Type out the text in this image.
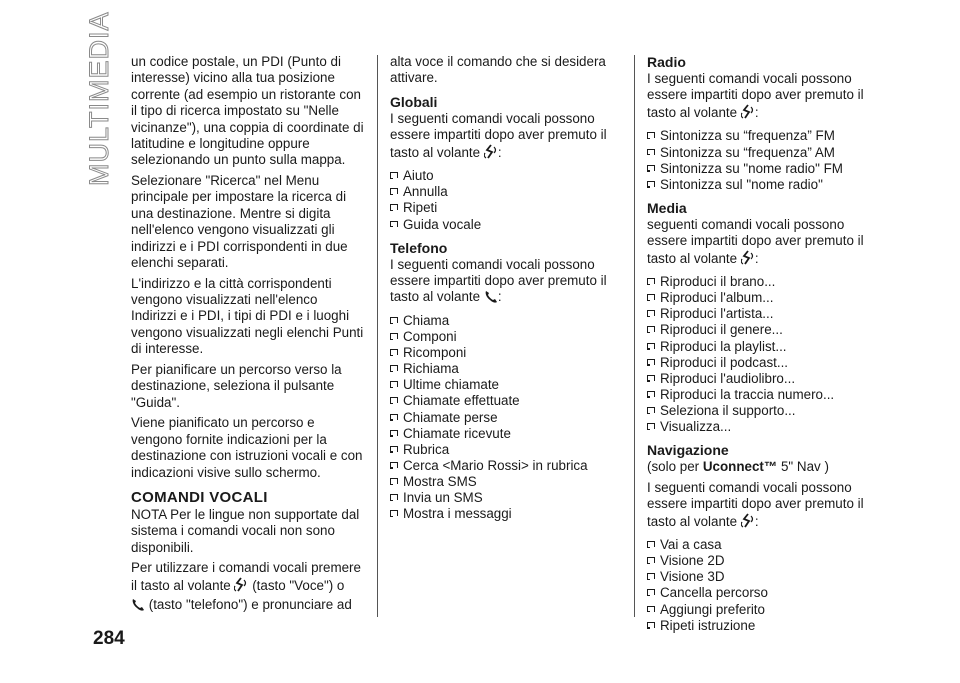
MULTIMEDIA
284

un codice postale, un PDI (Punto di interesse) vicino alla tua posizione corrente (ad esempio un ristorante con il tipo di ricerca impostato su "Nelle vicinanze"), una coppia di coordinate di latitudine e longitudine oppure selezionando un punto sulla mappa.

Selezionare "Ricerca" nel Menu principale per impostare la ricerca di una destinazione. Mentre si digita nell'elenco vengono visualizzati gli indirizzi e i PDI corrispondenti in due elenchi separati.

L'indirizzo e la città corrispondenti vengono visualizzati nell'elenco Indirizzi e i PDI, i tipi di PDI e i luoghi vengono visualizzati negli elenchi Punti di interesse.

Per pianificare un percorso verso la destinazione, seleziona il pulsante "Guida".

Viene pianificato un percorso e vengono fornite indicazioni per la destinazione con istruzioni vocali e con indicazioni visive sullo schermo.

COMANDI VOCALI

NOTA Per le lingue non supportate dal sistema i comandi vocali non sono disponibili.

Per utilizzare i comandi vocali premere il tasto al volante (tasto "Voce") o
(tasto "telefono") e pronunciare ad

alta voce il comando che si desidera attivare.

Globali

I seguenti comandi vocali possono essere impartiti dopo aver premuto il tasto al volante :

Aiuto
Annulla
Ripeti
Guida vocale
Telefono

I seguenti comandi vocali possono essere impartiti dopo aver premuto il tasto al volante :

Chiama
Componi
Ricomponi
Richiama
Ultime chiamate
Chiamate effettuate
Chiamate perse
Chiamate ricevute
Rubrica
Cerca <Mario Rossi> in rubrica
Mostra SMS
Invia un SMS
Mostra i messaggi
Radio

I seguenti comandi vocali possono essere impartiti dopo aver premuto il tasto al volante :

Sintonizza su “frequenza” FM
Sintonizza su “frequenza” AM
Sintonizza su "nome radio" FM
Sintonizza sul "nome radio"
Media

seguenti comandi vocali possono essere impartiti dopo aver premuto il tasto al volante :

Riproduci il brano...
Riproduci l'album...
Riproduci l'artista...
Riproduci il genere...
Riproduci la playlist...
Riproduci il podcast...
Riproduci l'audiolibro...
Riproduci la traccia numero...
Seleziona il supporto...
Visualizza...
Navigazione

(solo per Uconnect™ 5" Nav )

I seguenti comandi vocali possono essere impartiti dopo aver premuto il tasto al volante :

Vai a casa
Visione 2D
Visione 3D
Cancella percorso
Aggiungi preferito
Ripeti istruzione
